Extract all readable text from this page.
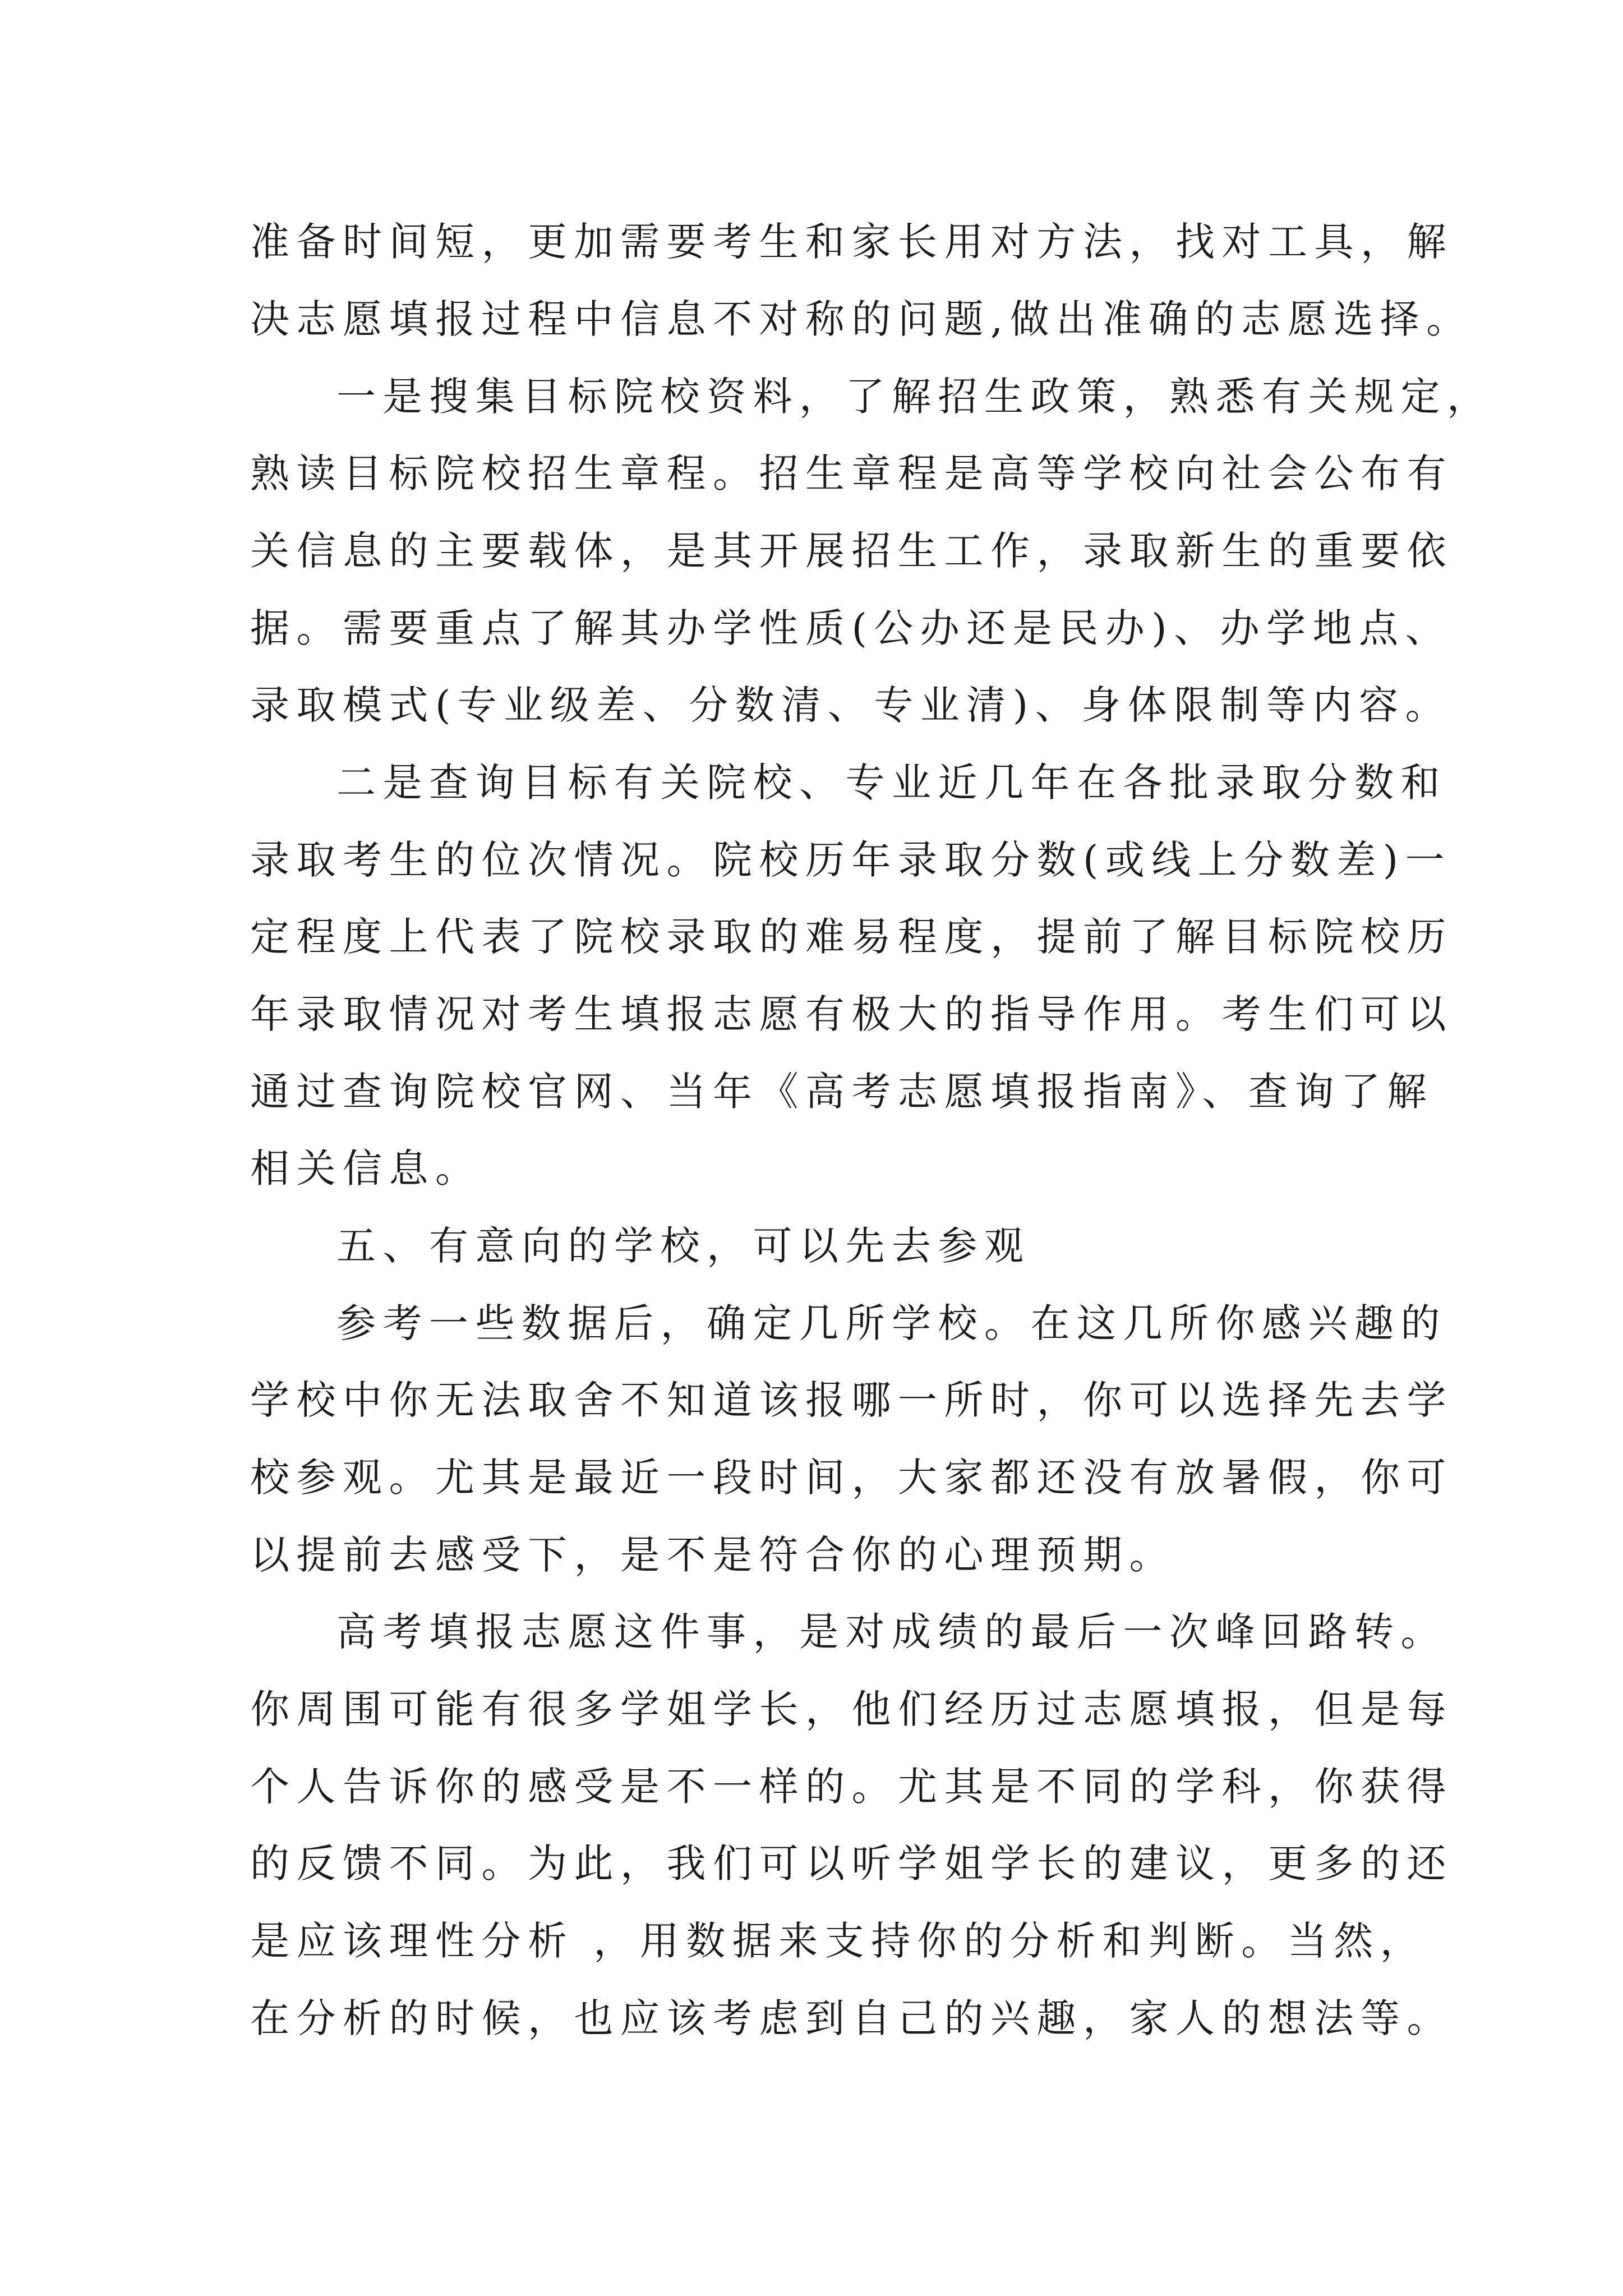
准备时间短，更加需要考生和家长用对方法，找对工具，解
决志愿填报过程中信息不对称的问题,做出准确的志愿选择。
一是搜集目标院校资料，了解招生政策，熟悉有关规定，
熟读目标院校招生章程。招生章程是高等学校向社会公布有
关信息的主要载体，是其开展招生工作，录取新生的重要依
据。需要重点了解其办学性质(公办还是民办)、办学地点、
录取模式(专业级差、分数清、专业清)、身体限制等内容。
二是查询目标有关院校、专业近几年在各批录取分数和
录取考生的位次情况。院校历年录取分数(或线上分数差)一
定程度上代表了院校录取的难易程度，提前了解目标院校历
年录取情况对考生填报志愿有极大的指导作用。考生们可以
通过查询院校官网、当年《高考志愿填报指南》、查询了解
相关信息。
五、有意向的学校，可以先去参观
参考一些数据后，确定几所学校。在这几所你感兴趣的
学校中你无法取舍不知道该报哪一所时，你可以选择先去学
校参观。尤其是最近一段时间，大家都还没有放暑假，你可
以提前去感受下，是不是符合你的心理预期。
高考填报志愿这件事，是对成绩的最后一次峰回路转。
你周围可能有很多学姐学长，他们经历过志愿填报，但是每
个人告诉你的感受是不一样的。尤其是不同的学科，你获得
的反馈不同。为此，我们可以听学姐学长的建议，更多的还
是应该理性分析 ，用数据来支持你的分析和判断。当然，
在分析的时候，也应该考虑到自己的兴趣，家人的想法等。
